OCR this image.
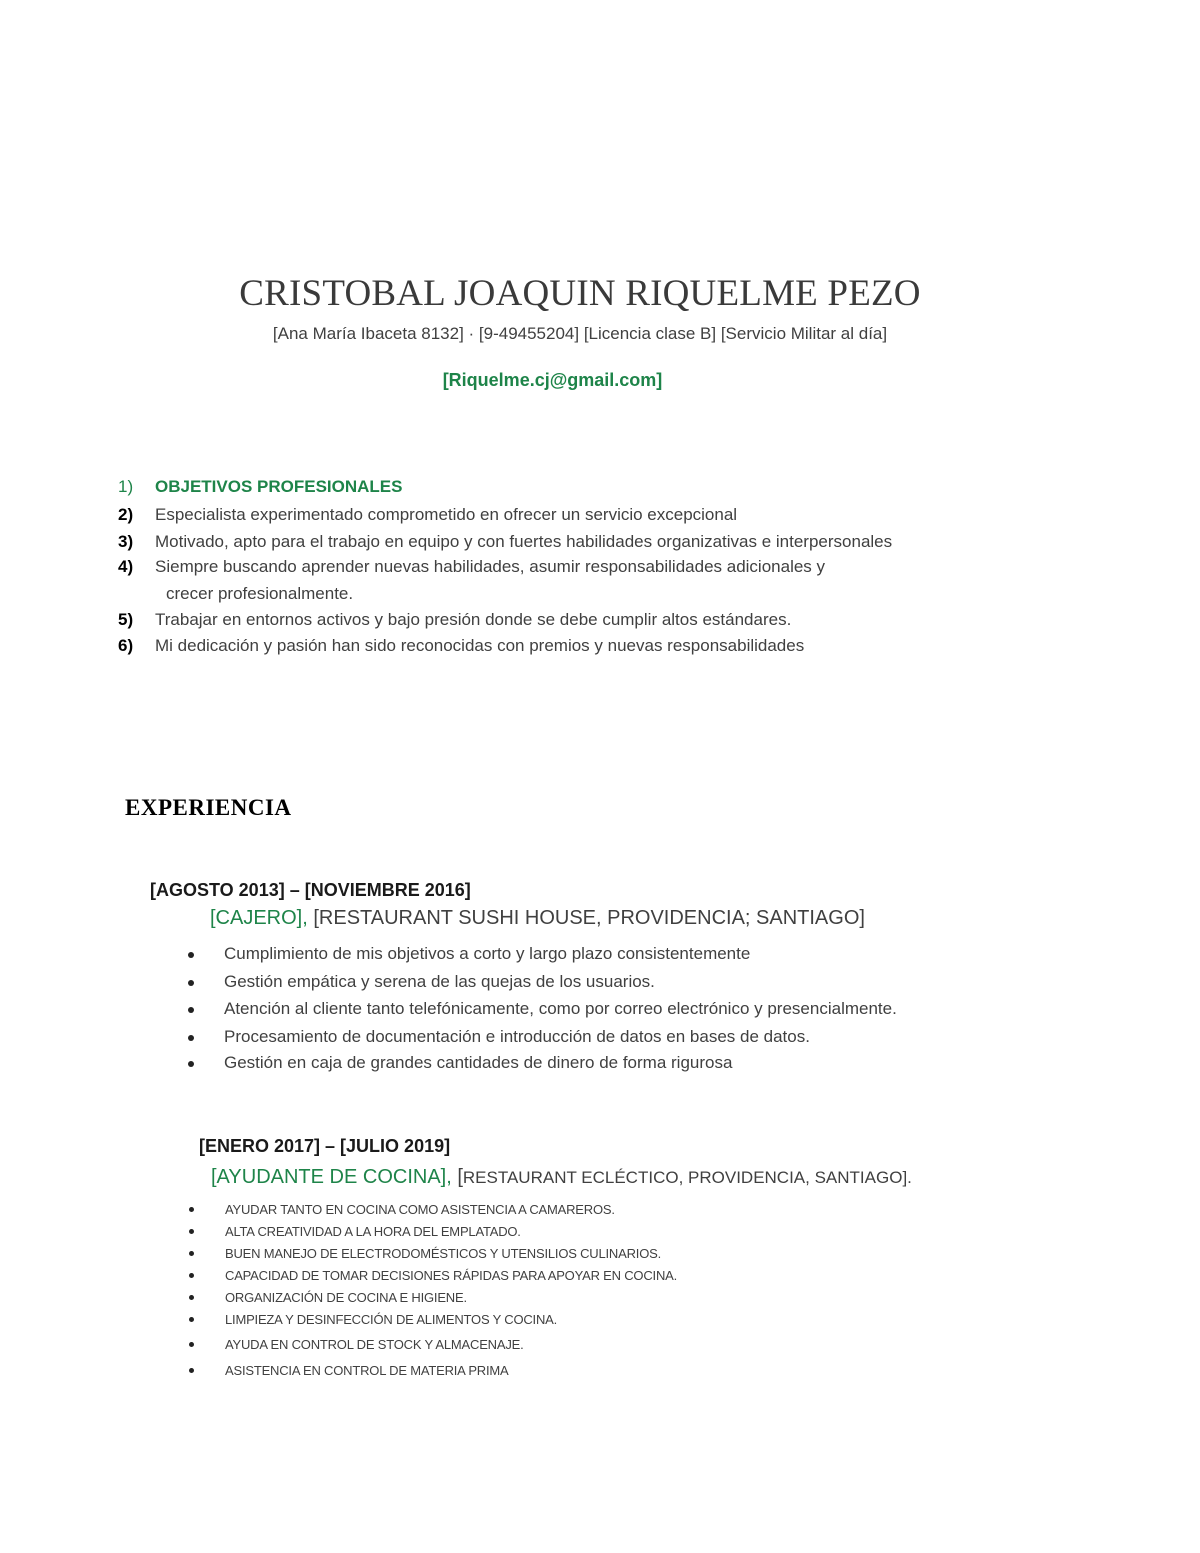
CRISTOBAL JOAQUIN RIQUELME PEZO
[Ana María Ibaceta 8132] · [9-49455204] [Licencia clase B] [Servicio Militar al día]
[Riquelme.cj@gmail.com]
1) OBJETIVOS PROFESIONALES
2) Especialista experimentado comprometido en ofrecer un servicio excepcional
3) Motivado, apto para el trabajo en equipo y con fuertes habilidades organizativas e interpersonales
4) Siempre buscando aprender nuevas habilidades, asumir responsabilidades adicionales y
crecer profesionalmente.
5) Trabajar en entornos activos y bajo presión donde se debe cumplir altos estándares.
6) Mi dedicación y pasión han sido reconocidas con premios y nuevas responsabilidades
EXPERIENCIA
[AGOSTO 2013] – [NOVIEMBRE 2016]
[CAJERO], [RESTAURANT SUSHI HOUSE, PROVIDENCIA; SANTIAGO]
Cumplimiento de mis objetivos a corto y largo plazo consistentemente
Gestión empática y serena de las quejas de los usuarios.
Atención al cliente tanto telefónicamente, como por correo electrónico y presencialmente.
Procesamiento de documentación e introducción de datos en bases de datos.
Gestión en caja de grandes cantidades de dinero de forma rigurosa
[ENERO 2017] – [JULIO 2019]
[AYUDANTE DE COCINA], [RESTAURANT ECLÉCTICO, PROVIDENCIA, SANTIAGO].
AYUDAR TANTO EN COCINA COMO ASISTENCIA A CAMAREROS.
ALTA CREATIVIDAD A LA HORA DEL EMPLATADO.
BUEN MANEJO DE ELECTRODOMÉSTICOS Y UTENSILIOS CULINARIOS.
CAPACIDAD DE TOMAR DECISIONES RÁPIDAS PARA APOYAR EN COCINA.
ORGANIZACIÓN DE COCINA E HIGIENE.
LIMPIEZA Y DESINFECCIÓN DE ALIMENTOS Y COCINA.
AYUDA EN CONTROL DE STOCK Y ALMACENAJE.
ASISTENCIA EN CONTROL DE MATERIA PRIMA
